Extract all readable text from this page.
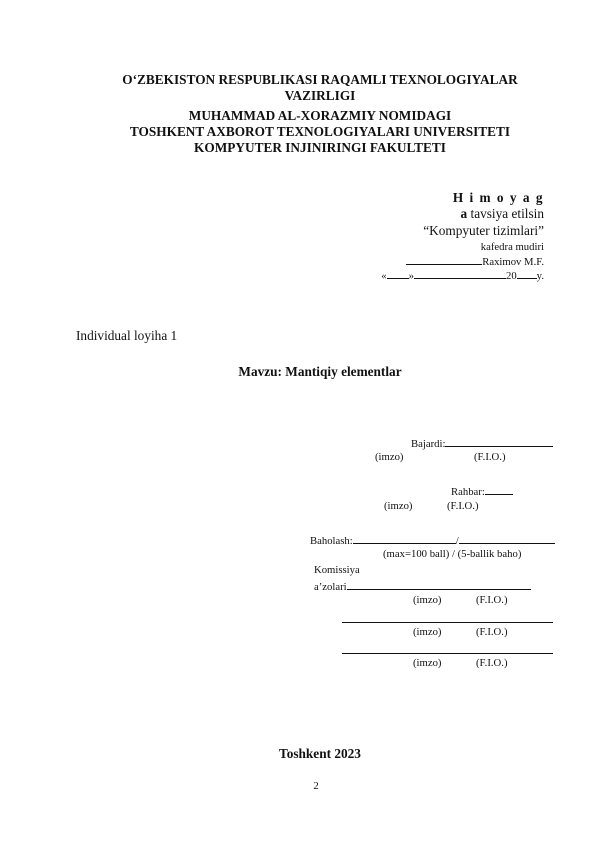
O‘ZBEKISTON RESPUBLIKASI RAQAMLI TEXNOLOGIYALAR
VAZIRLIGI
MUHAMMAD AL-XORAZMIY NOMIDAGI
TOSHKENT AXBOROT TEXNOLOGIYALARI UNIVERSITETI
KOMPYUTER INJINIRINGI FAKULTETI
H i m o y a g
a tavsiya etilsin
“Kompyuter tizimlari”
kafedra mudiri
Raximov M.F.
« »	20 y.
Individual loyiha 1
Mavzu: Mantiqiy elementlar
Bajardi:
(imzo)	(F.I.O.)
Rahbar:
(imzo)	(F.I.O.)
Baholash:	/
(max=100 ball) / (5-ballik baho)
Komissiya
a’zolari
(imzo)	(F.I.O.)
(imzo)	(F.I.O.)
(imzo)	(F.I.O.)
Toshkent 2023
2
